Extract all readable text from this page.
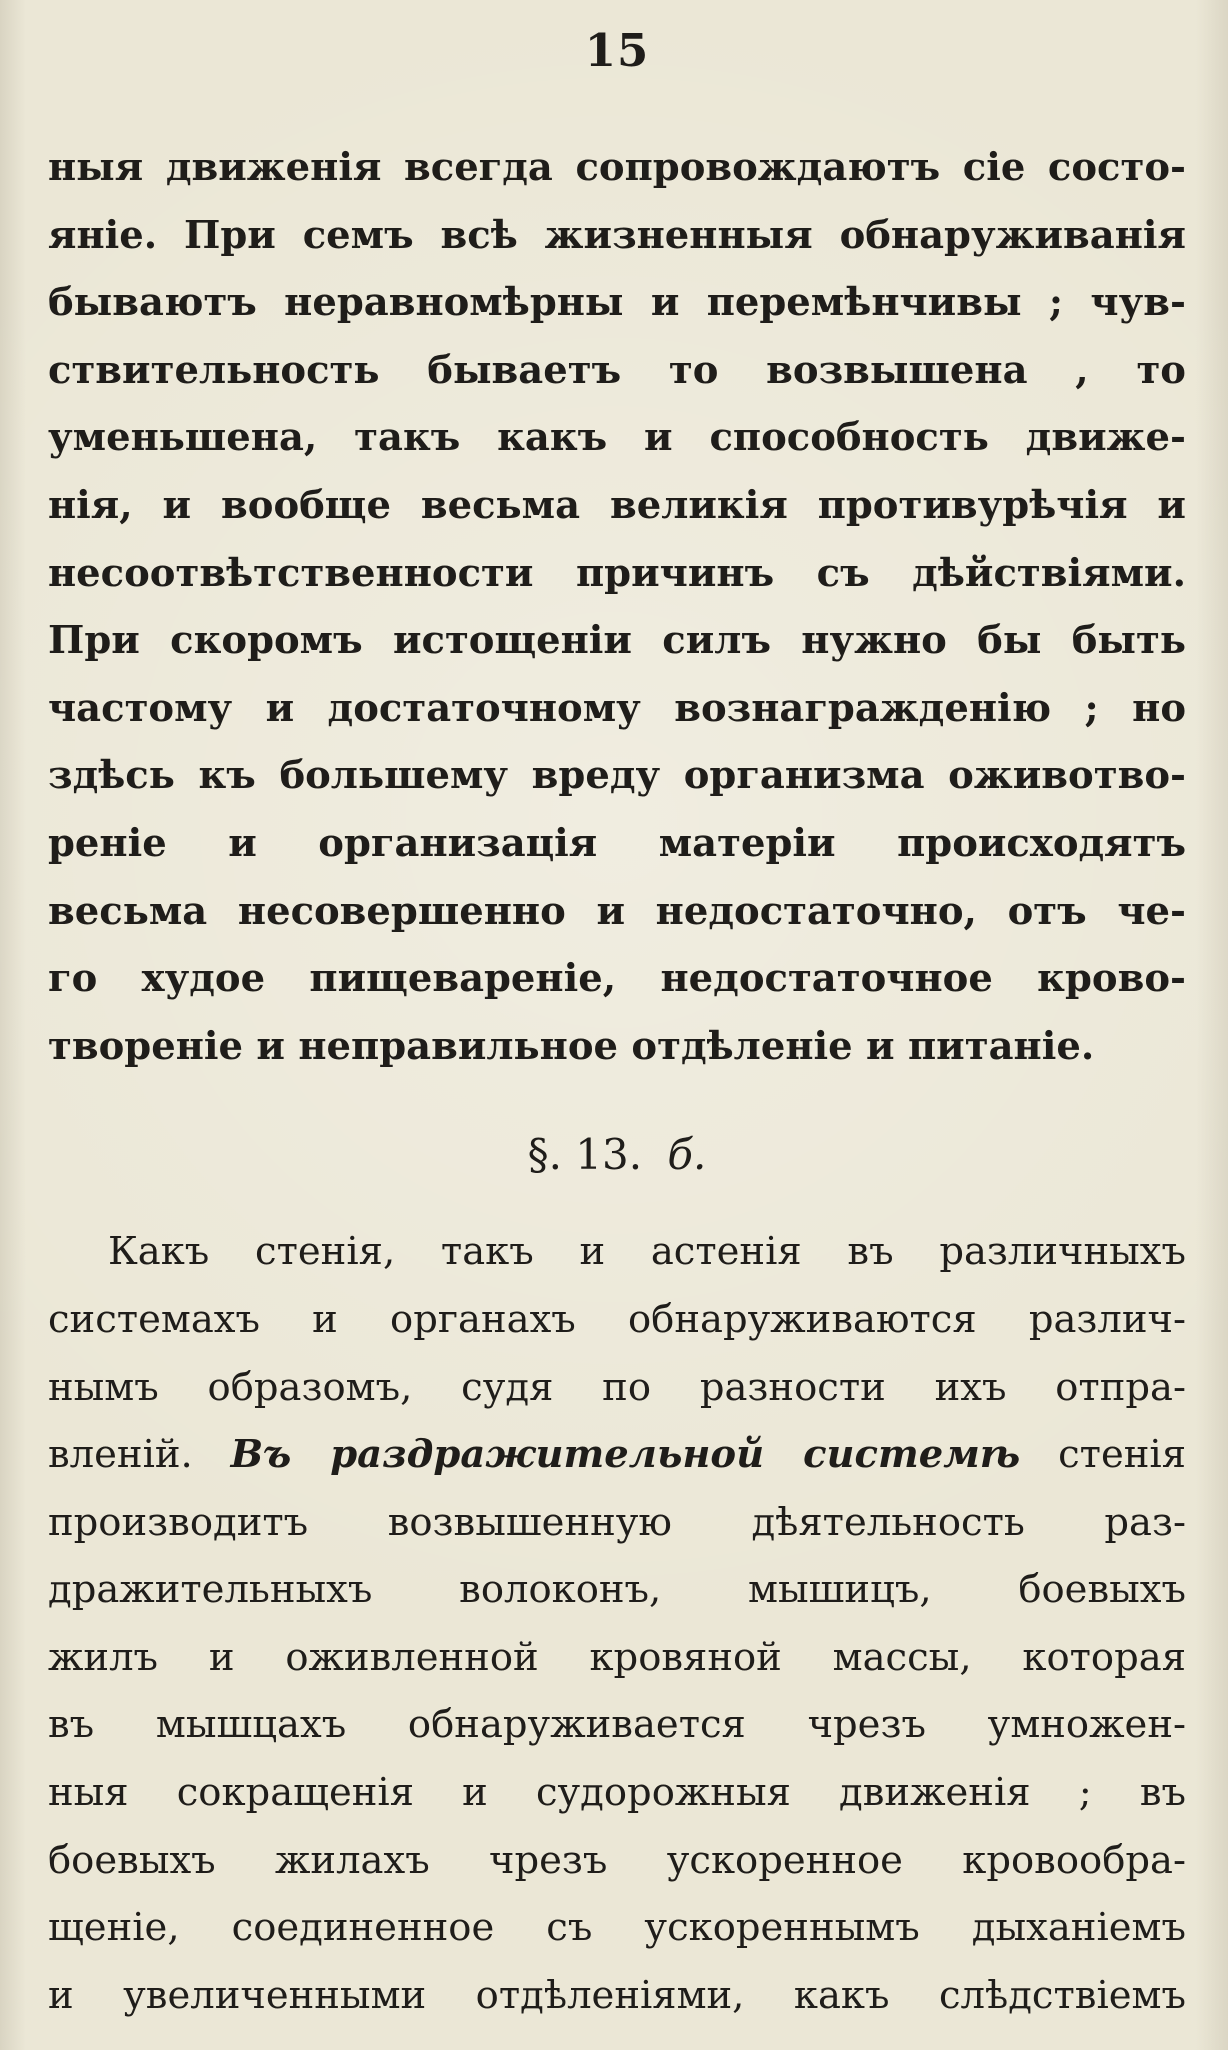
15
ныя движенія всегда сопровождаютъ сіе состо-
яніе. При семъ всѣ жизненныя обнаруживанія
бываютъ неравномѣрны и перемѣнчивы ; чув-
ствительность бываетъ то возвышена , то
уменьшена, такъ какъ и способность движе-
нія, и вообще весьма великія противурѣчія и
несоотвѣтственности причинъ съ дѣйствіями.
При скоромъ истощеніи силъ нужно бы быть
частому и достаточному вознагражденію ; но
здѣсь къ большему вреду организма оживотво-
реніе и организація матеріи происходятъ
весьма несовершенно и недостаточно, отъ че-
го худое пищевареніе, недостаточное крово-
твореніе и неправильное отдѣленіе и питаніе.
§. 13. б.
Какъ стенія, такъ и астенія въ различныхъ
системахъ и органахъ обнаруживаются различ-
нымъ образомъ, судя по разности ихъ отпра-
вленій. Въ раздражительной системѣ стенія
производитъ возвышенную дѣятельность раз-
дражительныхъ волоконъ, мышицъ, боевыхъ
жилъ и оживленной кровяной массы, которая
въ мышцахъ обнаруживается чрезъ умножен-
ныя сокращенія и судорожныя движенія ; въ
боевыхъ жилахъ чрезъ ускоренное кровообра-
щеніе, соединенное съ ускореннымъ дыханіемъ
и увеличенными отдѣленіями, какъ слѣдствіемъ
